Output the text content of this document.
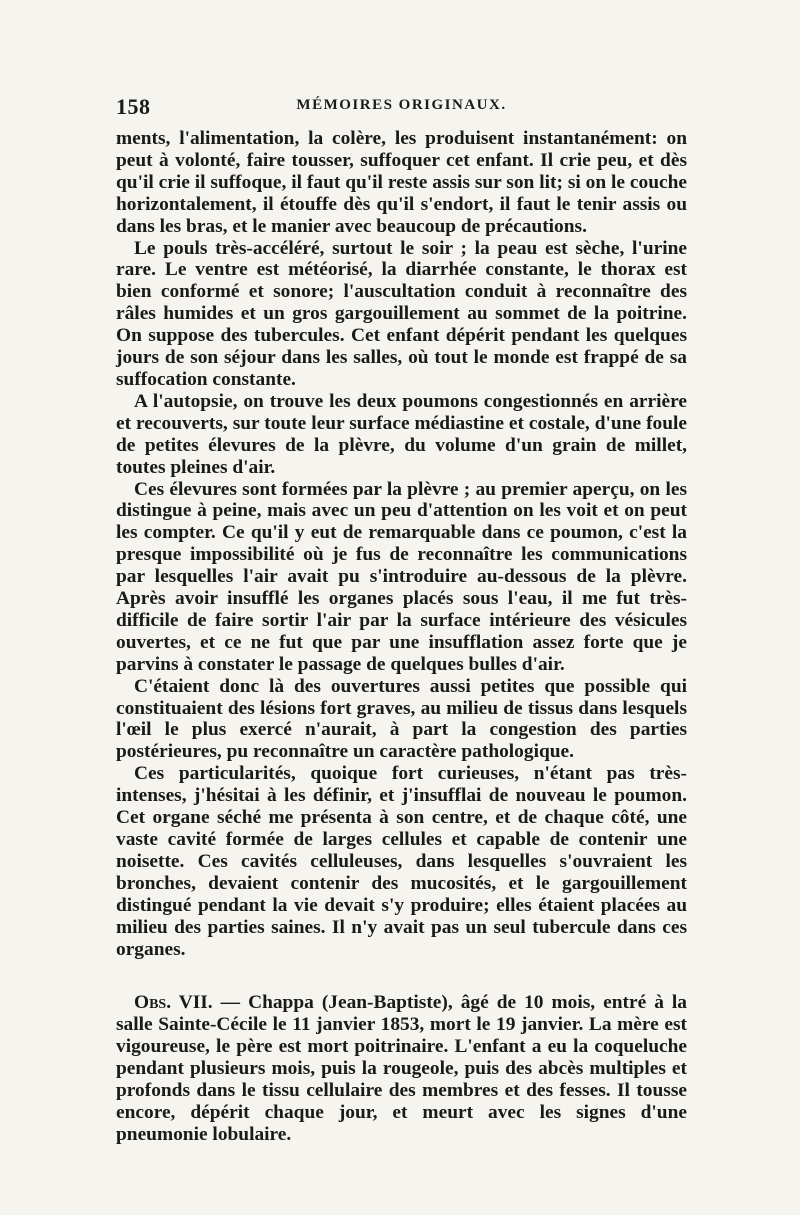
158	MÉMOIRES ORIGINAUX.

ments, l'alimentation, la colère, les produisent instantanément: on peut à volonté, faire tousser, suffoquer cet enfant. Il crie peu, et dès qu'il crie il suffoque, il faut qu'il reste assis sur son lit; si on le couche horizontalement, il étouffe dès qu'il s'endort, il faut le tenir assis ou dans les bras, et le manier avec beaucoup de précautions.

Le pouls très-accéléré, surtout le soir ; la peau est sèche, l'urine rare. Le ventre est météorisé, la diarrhée constante, le thorax est bien conformé et sonore; l'auscultation conduit à reconnaître des râles humides et un gros gargouillement au sommet de la poitrine. On suppose des tubercules. Cet enfant dépérit pendant les quelques jours de son séjour dans les salles, où tout le monde est frappé de sa suffocation constante.

A l'autopsie, on trouve les deux poumons congestionnés en arrière et recouverts, sur toute leur surface médiastine et costale, d'une foule de petites élevures de la plèvre, du volume d'un grain de millet, toutes pleines d'air.

Ces élevures sont formées par la plèvre ; au premier aperçu, on les distingue à peine, mais avec un peu d'attention on les voit et on peut les compter. Ce qu'il y eut de remarquable dans ce poumon, c'est la presque impossibilité où je fus de reconnaître les communications par lesquelles l'air avait pu s'introduire au-dessous de la plèvre. Après avoir insufflé les organes placés sous l'eau, il me fut très-difficile de faire sortir l'air par la surface intérieure des vésicules ouvertes, et ce ne fut que par une insufflation assez forte que je parvins à constater le passage de quelques bulles d'air.

C'étaient donc là des ouvertures aussi petites que possible qui constituaient des lésions fort graves, au milieu de tissus dans lesquels l'œil le plus exercé n'aurait, à part la congestion des parties postérieures, pu reconnaître un caractère pathologique.

Ces particularités, quoique fort curieuses, n'étant pas très-intenses, j'hésitai à les définir, et j'insufflai de nouveau le poumon. Cet organe séché me présenta à son centre, et de chaque côté, une vaste cavité formée de larges cellules et capable de contenir une noisette. Ces cavités celluleuses, dans lesquelles s'ouvraient les bronches, devaient contenir des mucosités, et le gargouillement distingué pendant la vie devait s'y produire; elles étaient placées au milieu des parties saines. Il n'y avait pas un seul tubercule dans ces organes.

Obs. VII. — Chappa (Jean-Baptiste), âgé de 10 mois, entré à la salle Sainte-Cécile le 11 janvier 1853, mort le 19 janvier. La mère est vigoureuse, le père est mort poitrinaire. L'enfant a eu la coqueluche pendant plusieurs mois, puis la rougeole, puis des abcès multiples et profonds dans le tissu cellulaire des membres et des fesses. Il tousse encore, dépérit chaque jour, et meurt avec les signes d'une pneumonie lobulaire.
